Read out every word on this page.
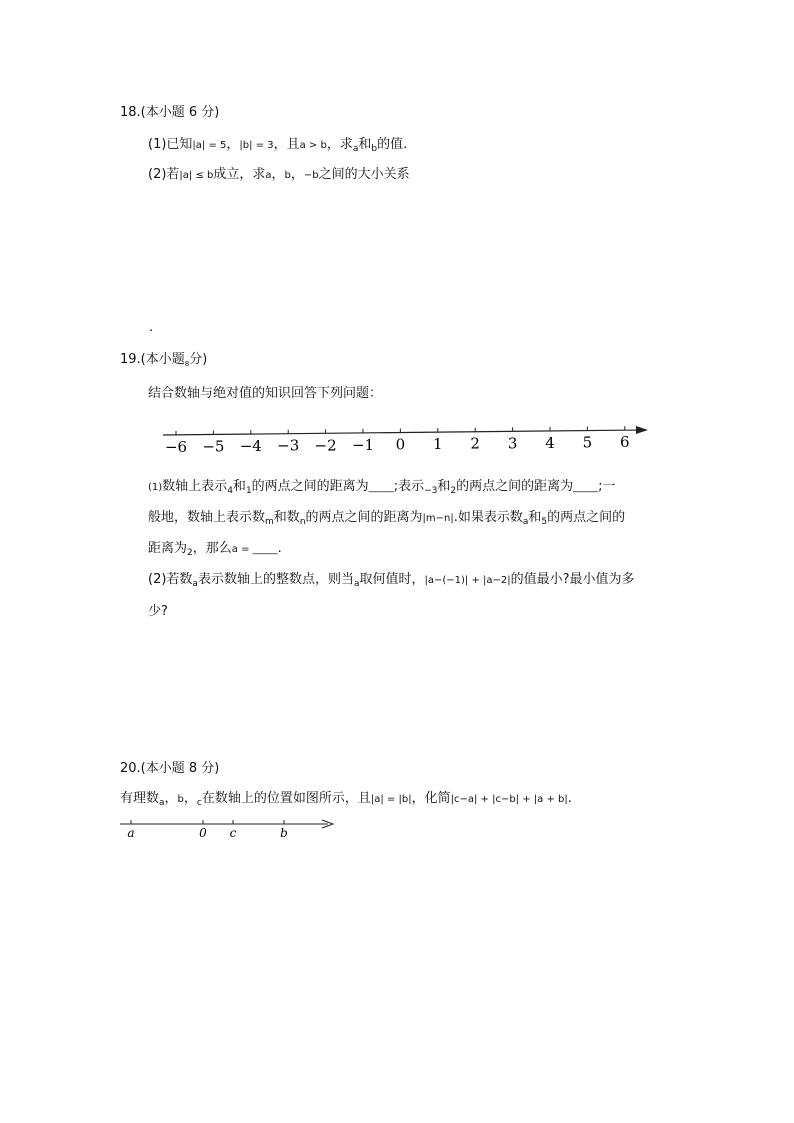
18.(本小题 6 分)
(1)已知|a| = 5，|b| = 3，且a > b，求$_a$和$_b$的值.
(2)若|a| ≤ b成立，求a，b，−b之间的大小关系
.
19.(本小题$_8$分)
结合数轴与绝对值的知识回答下列问题：
−6 −5 −4 −3 −2 −1 0 1 2 3 4 5 6
(1)数轴上表示$_4$和$_1$的两点之间的距离为_____;表示$_{-3}$和$_2$的两点之间的距离为_____;一
般地，数轴上表示数$_m$和数$_n$的两点之间的距离为|m−n|.如果表示数$_a$和$_5$的两点之间的
距离为$_2$，那么a = _____.
(2)若数$_a$表示数轴上的整数点，则当$_a$取何值时，|a−(−1)| + |a−2|的值最小?最小值为多
少?
20.(本小题 8 分)
有理数$_a$，b，$_c$在数轴上的位置如图所示，且|a| = |b|，化简|c−a| + |c−b| + |a + b|.
a	0 c	b
